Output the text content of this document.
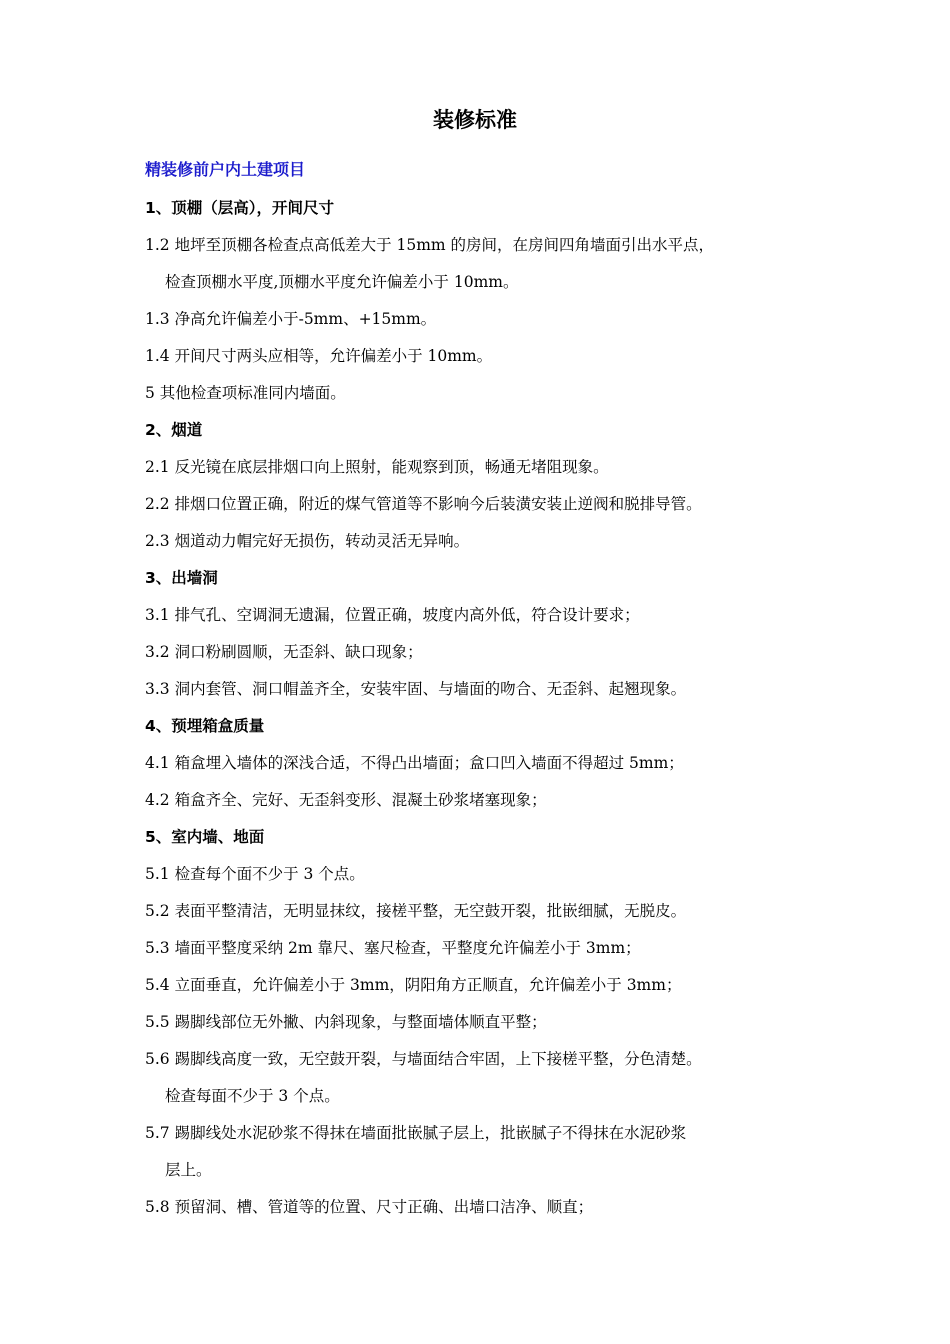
装修标准
精装修前户内土建项目
1、顶棚（层高），开间尺寸
1.2 地坪至顶棚各检查点高低差大于 15mm 的房间，在房间四角墙面引出水平点，
检查顶棚水平度,顶棚水平度允许偏差小于 10mm。
1.3 净高允许偏差小于-5mm、+15mm。
1.4 开间尺寸两头应相等，允许偏差小于 10mm。
5 其他检查项标准同内墙面。
2、烟道
2.1 反光镜在底层排烟口向上照射，能观察到顶，畅通无堵阻现象。
2.2 排烟口位置正确，附近的煤气管道等不影响今后装潢安装止逆阀和脱排导管。
2.3 烟道动力帽完好无损伤，转动灵活无异响。
3、出墙洞
3.1 排气孔、空调洞无遗漏，位置正确，坡度内高外低，符合设计要求；
3.2 洞口粉刷圆顺，无歪斜、缺口现象；
3.3 洞内套管、洞口帽盖齐全，安装牢固、与墙面的吻合、无歪斜、起翘现象。
4、预埋箱盒质量
4.1 箱盒埋入墙体的深浅合适，不得凸出墙面；盒口凹入墙面不得超过 5mm；
4.2 箱盒齐全、完好、无歪斜变形、混凝土砂浆堵塞现象；
5、室内墙、地面
5.1 检查每个面不少于 3 个点。
5.2 表面平整清洁，无明显抹纹，接槎平整，无空鼓开裂，批嵌细腻，无脱皮。
5.3 墙面平整度采纳 2m 靠尺、塞尺检查，平整度允许偏差小于 3mm；
5.4 立面垂直，允许偏差小于 3mm，阴阳角方正顺直，允许偏差小于 3mm；
5.5 踢脚线部位无外撇、内斜现象，与整面墙体顺直平整；
5.6 踢脚线高度一致，无空鼓开裂，与墙面结合牢固，上下接槎平整，分色清楚。
检查每面不少于 3 个点。
5.7 踢脚线处水泥砂浆不得抹在墙面批嵌腻子层上，批嵌腻子不得抹在水泥砂浆
层上。
5.8 预留洞、槽、管道等的位置、尺寸正确、出墙口洁净、顺直；
